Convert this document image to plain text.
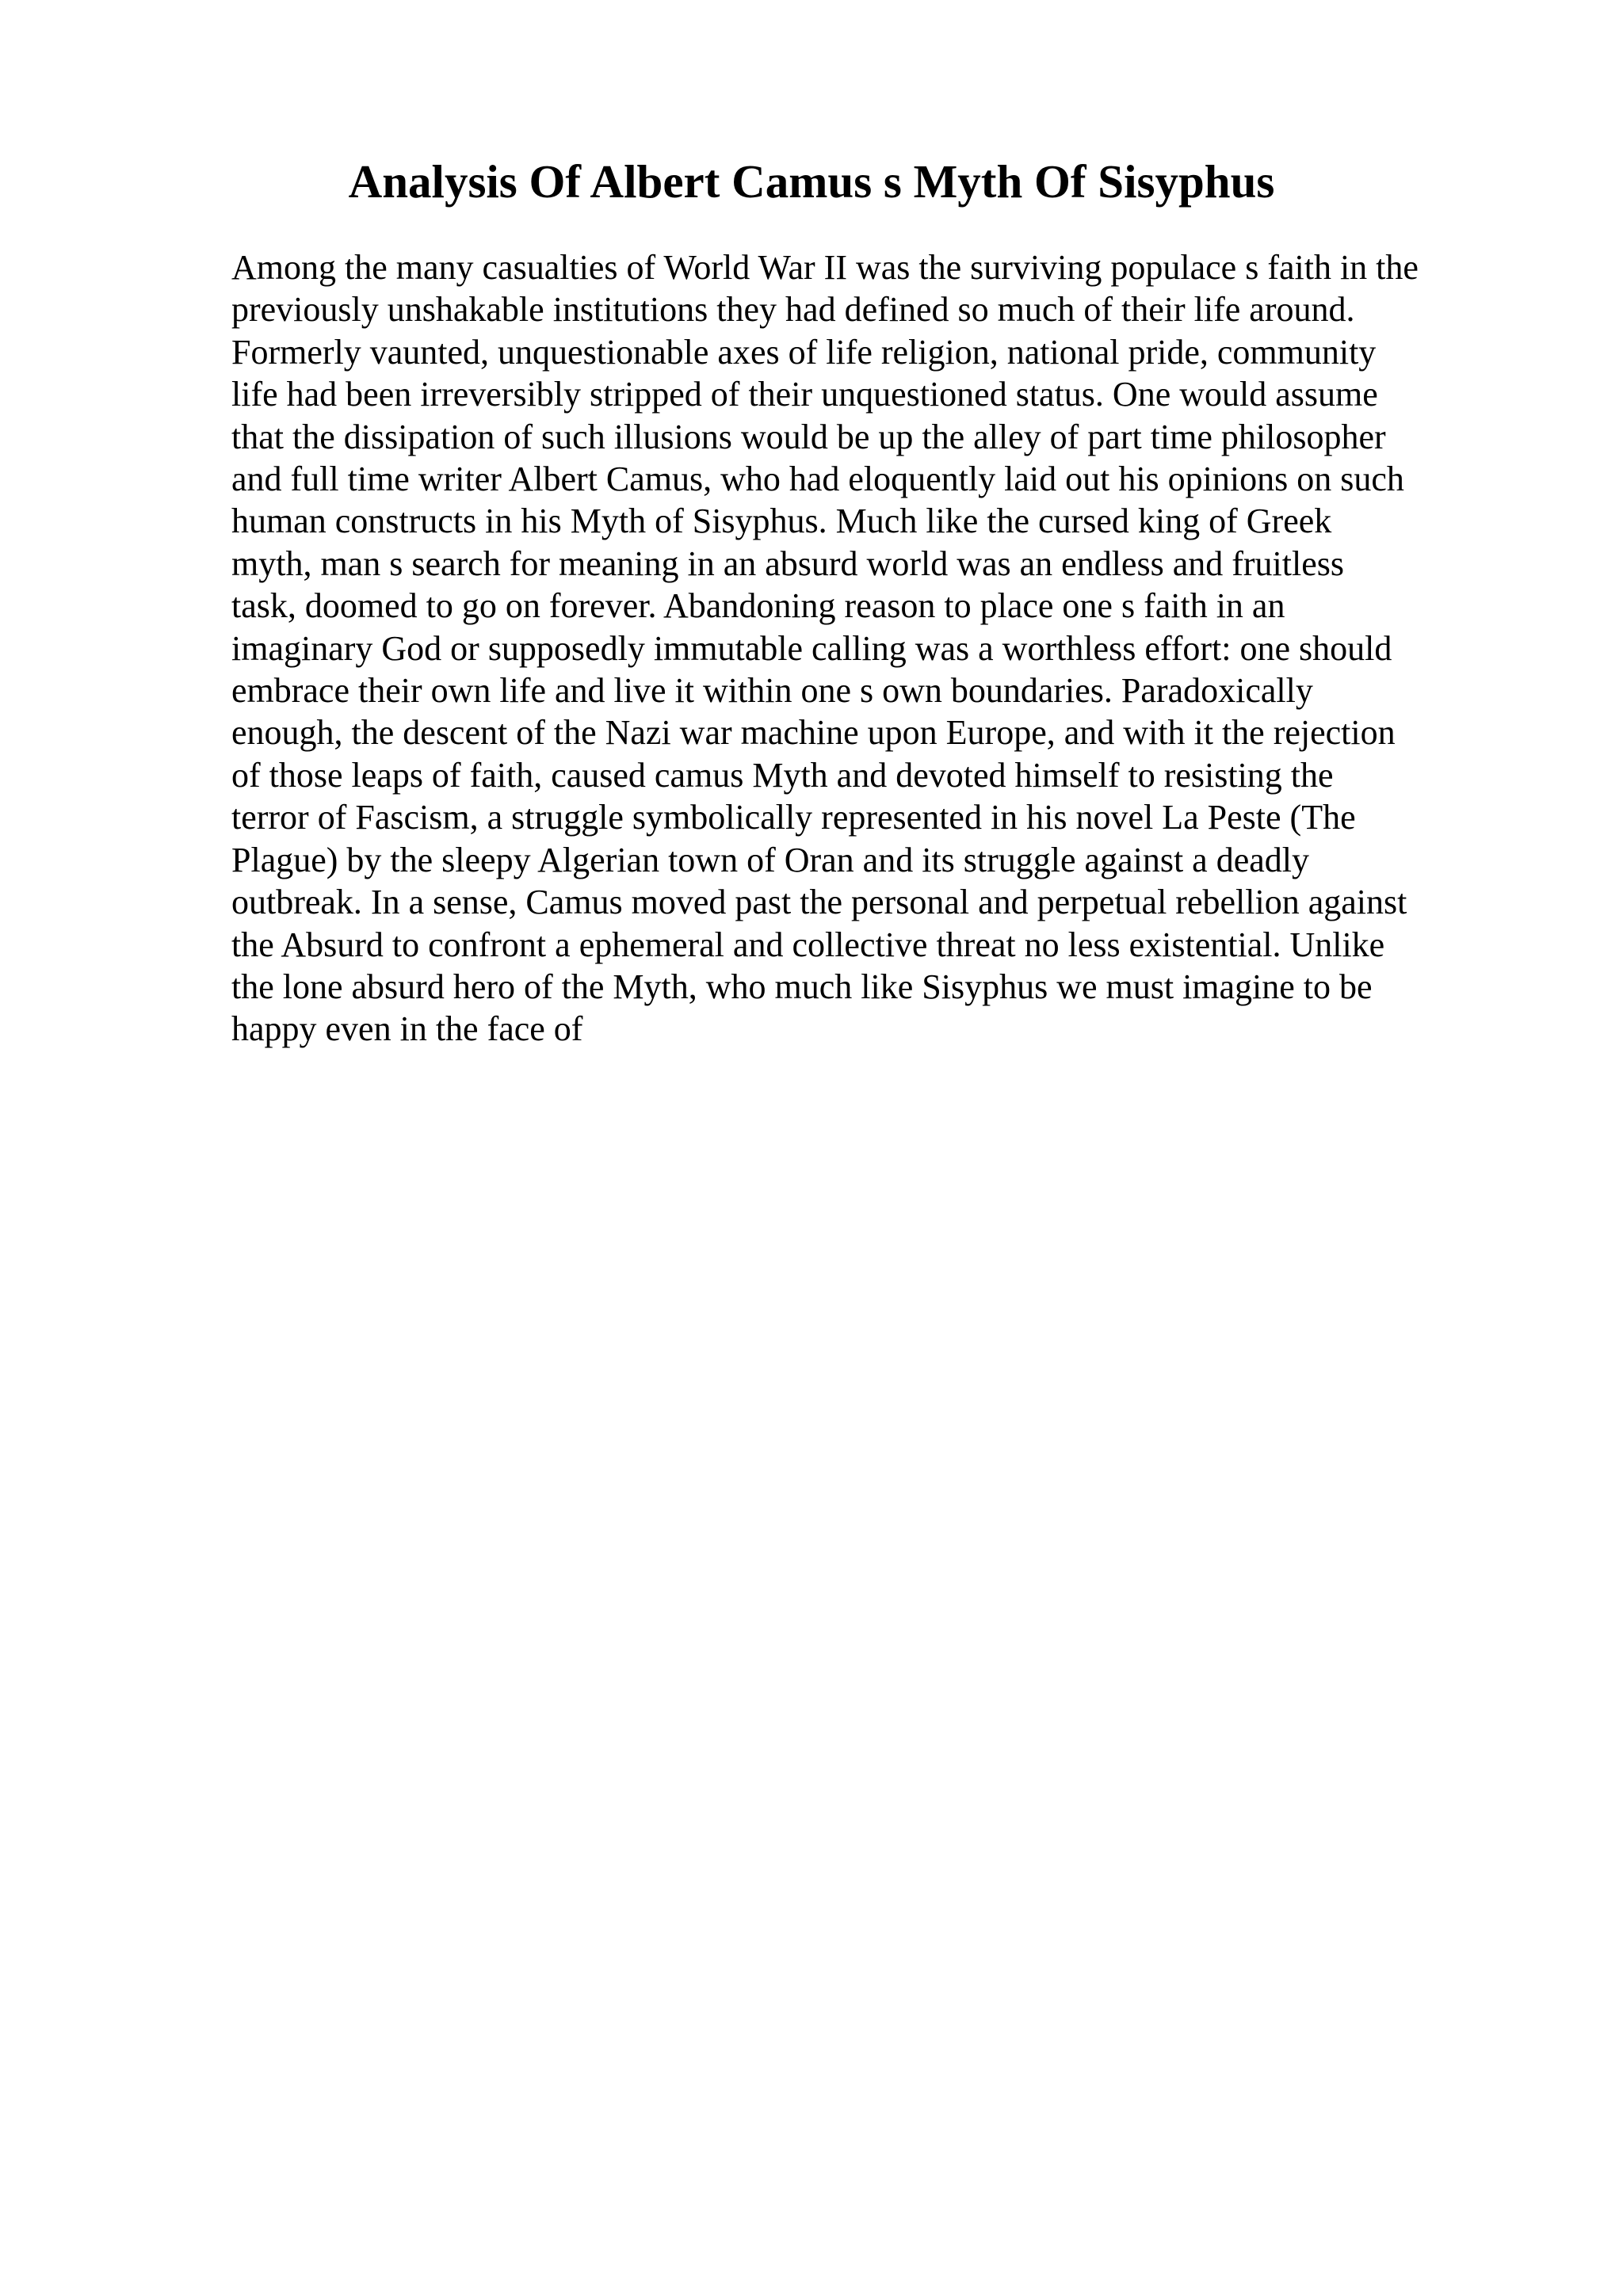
Analysis Of Albert Camus s Myth Of Sisyphus
Among the many casualties of World War II was the surviving populace s faith in the
previously unshakable institutions they had defined so much of their life around.
Formerly vaunted, unquestionable axes of life religion, national pride, community
life had been irreversibly stripped of their unquestioned status. One would assume
that the dissipation of such illusions would be up the alley of part time philosopher
and full time writer Albert Camus, who had eloquently laid out his opinions on such
human constructs in his Myth of Sisyphus. Much like the cursed king of Greek
myth, man s search for meaning in an absurd world was an endless and fruitless
task, doomed to go on forever. Abandoning reason to place one s faith in an
imaginary God or supposedly immutable calling was a worthless effort: one should
embrace their own life and live it within one s own boundaries. Paradoxically
enough, the descent of the Nazi war machine upon Europe, and with it the rejection
of those leaps of faith, caused camus Myth and devoted himself to resisting the
terror of Fascism, a struggle symbolically represented in his novel La Peste (The
Plague) by the sleepy Algerian town of Oran and its struggle against a deadly
outbreak. In a sense, Camus moved past the personal and perpetual rebellion against
the Absurd to confront a ephemeral and collective threat no less existential. Unlike
the lone absurd hero of the Myth, who much like Sisyphus we must imagine to be
happy even in the face of
